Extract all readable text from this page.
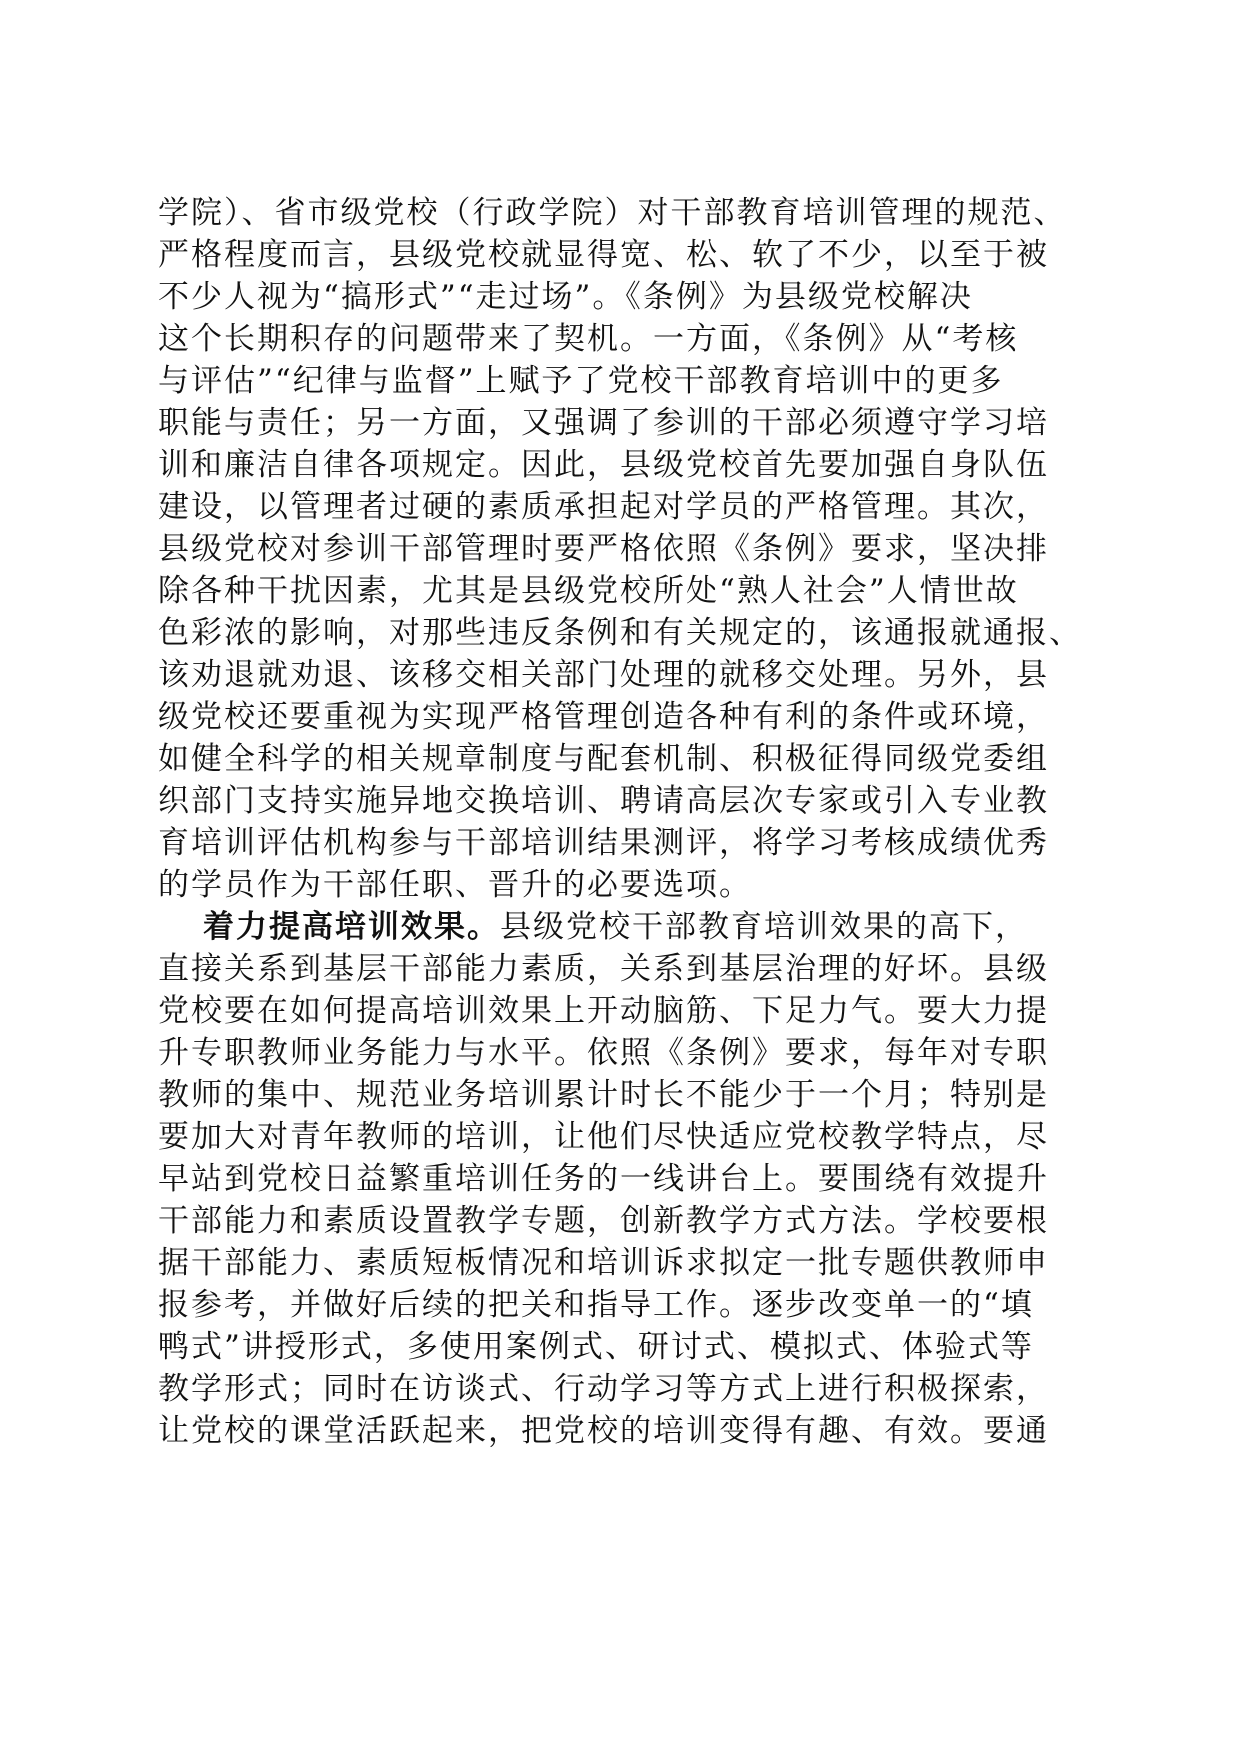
学院）、省市级党校（行政学院）对干部教育培训管理的规范、
严格程度而言，县级党校就显得宽、松、软了不少，以至于被
不少人视为“搞形式”“走过场”。《条例》为县级党校解决
这个长期积存的问题带来了契机。一方面，《条例》从“考核
与评估”“纪律与监督”上赋予了党校干部教育培训中的更多
职能与责任；另一方面，又强调了参训的干部必须遵守学习培
训和廉洁自律各项规定。因此，县级党校首先要加强自身队伍
建设，以管理者过硬的素质承担起对学员的严格管理。其次，
县级党校对参训干部管理时要严格依照《条例》要求，坚决排
除各种干扰因素，尤其是县级党校所处“熟人社会”人情世故
色彩浓的影响，对那些违反条例和有关规定的，该通报就通报、
该劝退就劝退、该移交相关部门处理的就移交处理。另外，县
级党校还要重视为实现严格管理创造各种有利的条件或环境，
如健全科学的相关规章制度与配套机制、积极征得同级党委组
织部门支持实施异地交换培训、聘请高层次专家或引入专业教
育培训评估机构参与干部培训结果测评，将学习考核成绩优秀
的学员作为干部任职、晋升的必要选项。
着力提高培训效果。县级党校干部教育培训效果的高下，
直接关系到基层干部能力素质，关系到基层治理的好坏。县级
党校要在如何提高培训效果上开动脑筋、下足力气。要大力提
升专职教师业务能力与水平。依照《条例》要求，每年对专职
教师的集中、规范业务培训累计时长不能少于一个月；特别是
要加大对青年教师的培训，让他们尽快适应党校教学特点，尽
早站到党校日益繁重培训任务的一线讲台上。要围绕有效提升
干部能力和素质设置教学专题，创新教学方式方法。学校要根
据干部能力、素质短板情况和培训诉求拟定一批专题供教师申
报参考，并做好后续的把关和指导工作。逐步改变单一的“填
鸭式”讲授形式，多使用案例式、研讨式、模拟式、体验式等
教学形式；同时在访谈式、行动学习等方式上进行积极探索，
让党校的课堂活跃起来，把党校的培训变得有趣、有效。要通
